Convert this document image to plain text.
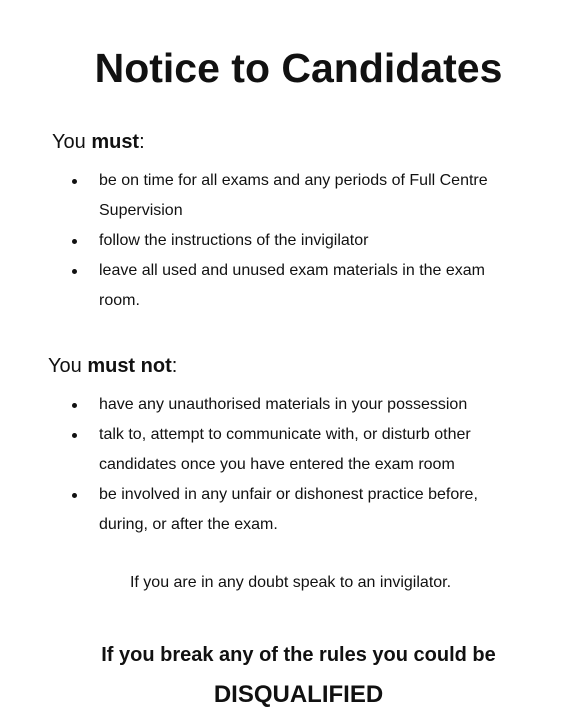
Notice to Candidates
You must:
be on time for all exams and any periods of Full Centre Supervision
follow the instructions of the invigilator
leave all used and unused exam materials in the exam room.
You must not:
have any unauthorised materials in your possession
talk to, attempt to communicate with, or disturb other candidates once you have entered the exam room
be involved in any unfair or dishonest practice before, during, or after the exam.

If you are in any doubt speak to an invigilator.

If you break any of the rules you could be

DISQUALIFIED
